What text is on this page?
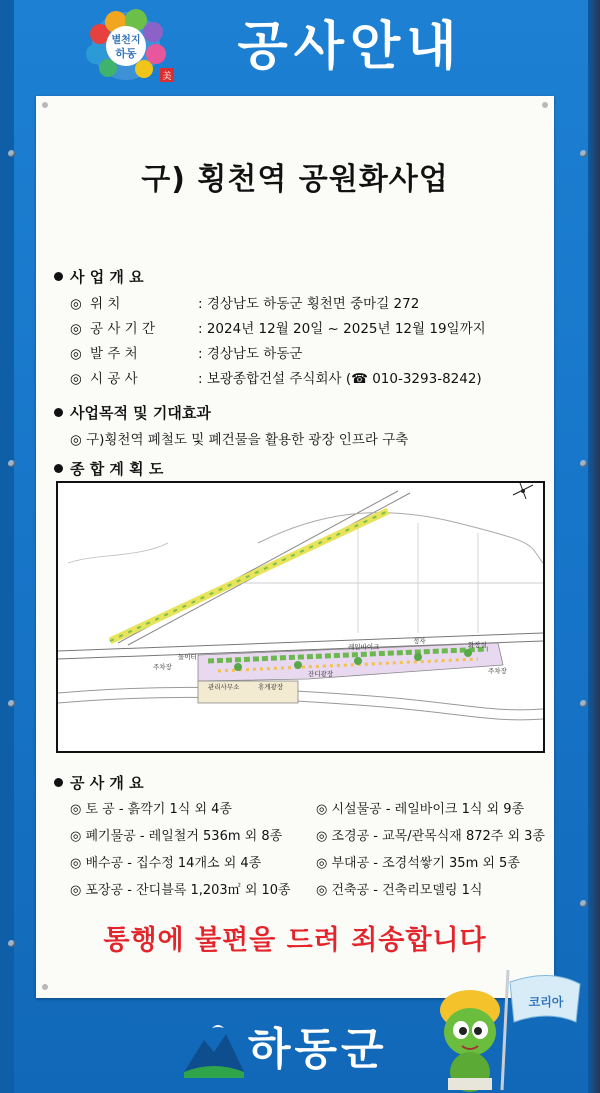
별천지
하동
美	공사안내
구) 횡천역 공원화사업
사 업 개 요
◎ 위 치	: 경상남도 하동군 횡천면 중마길 272
◎ 공 사 기 간	: 2024년 12월 20일 ~ 2025년 12월 19일까지
◎ 발 주 처	: 경상남도 하동군
◎ 시 공 사	: 보광종합건설 주식회사 (☎ 010-3293-8242)
사업목적 및 기대효과
◎ 구)횡천역 폐철도 및 폐건물을 활용한 광장 인프라 구축
종 합 계 획 도
주차장
관리사무소	휴게광장
잔디광장
레일바이크
정자	화장실
놀이터
주차장
공 사 개 요
◎ 토 공 - 흙깍기 1식 외 4종
◎ 폐기물공 - 레일철거 536m 외 8종
◎ 배수공 - 집수정 14개소 외 4종
◎ 포장공 - 잔디블록 1,203㎡ 외 10종
◎ 시설물공 - 레일바이크 1식 외 9종
◎ 조경공 - 교목/관목식재 872주 외 3종
◎ 부대공 - 조경석쌓기 35m 외 5종
◎ 건축공 - 건축리모델링 1식
통행에 불편을 드려 죄송합니다
하동군
코리아
